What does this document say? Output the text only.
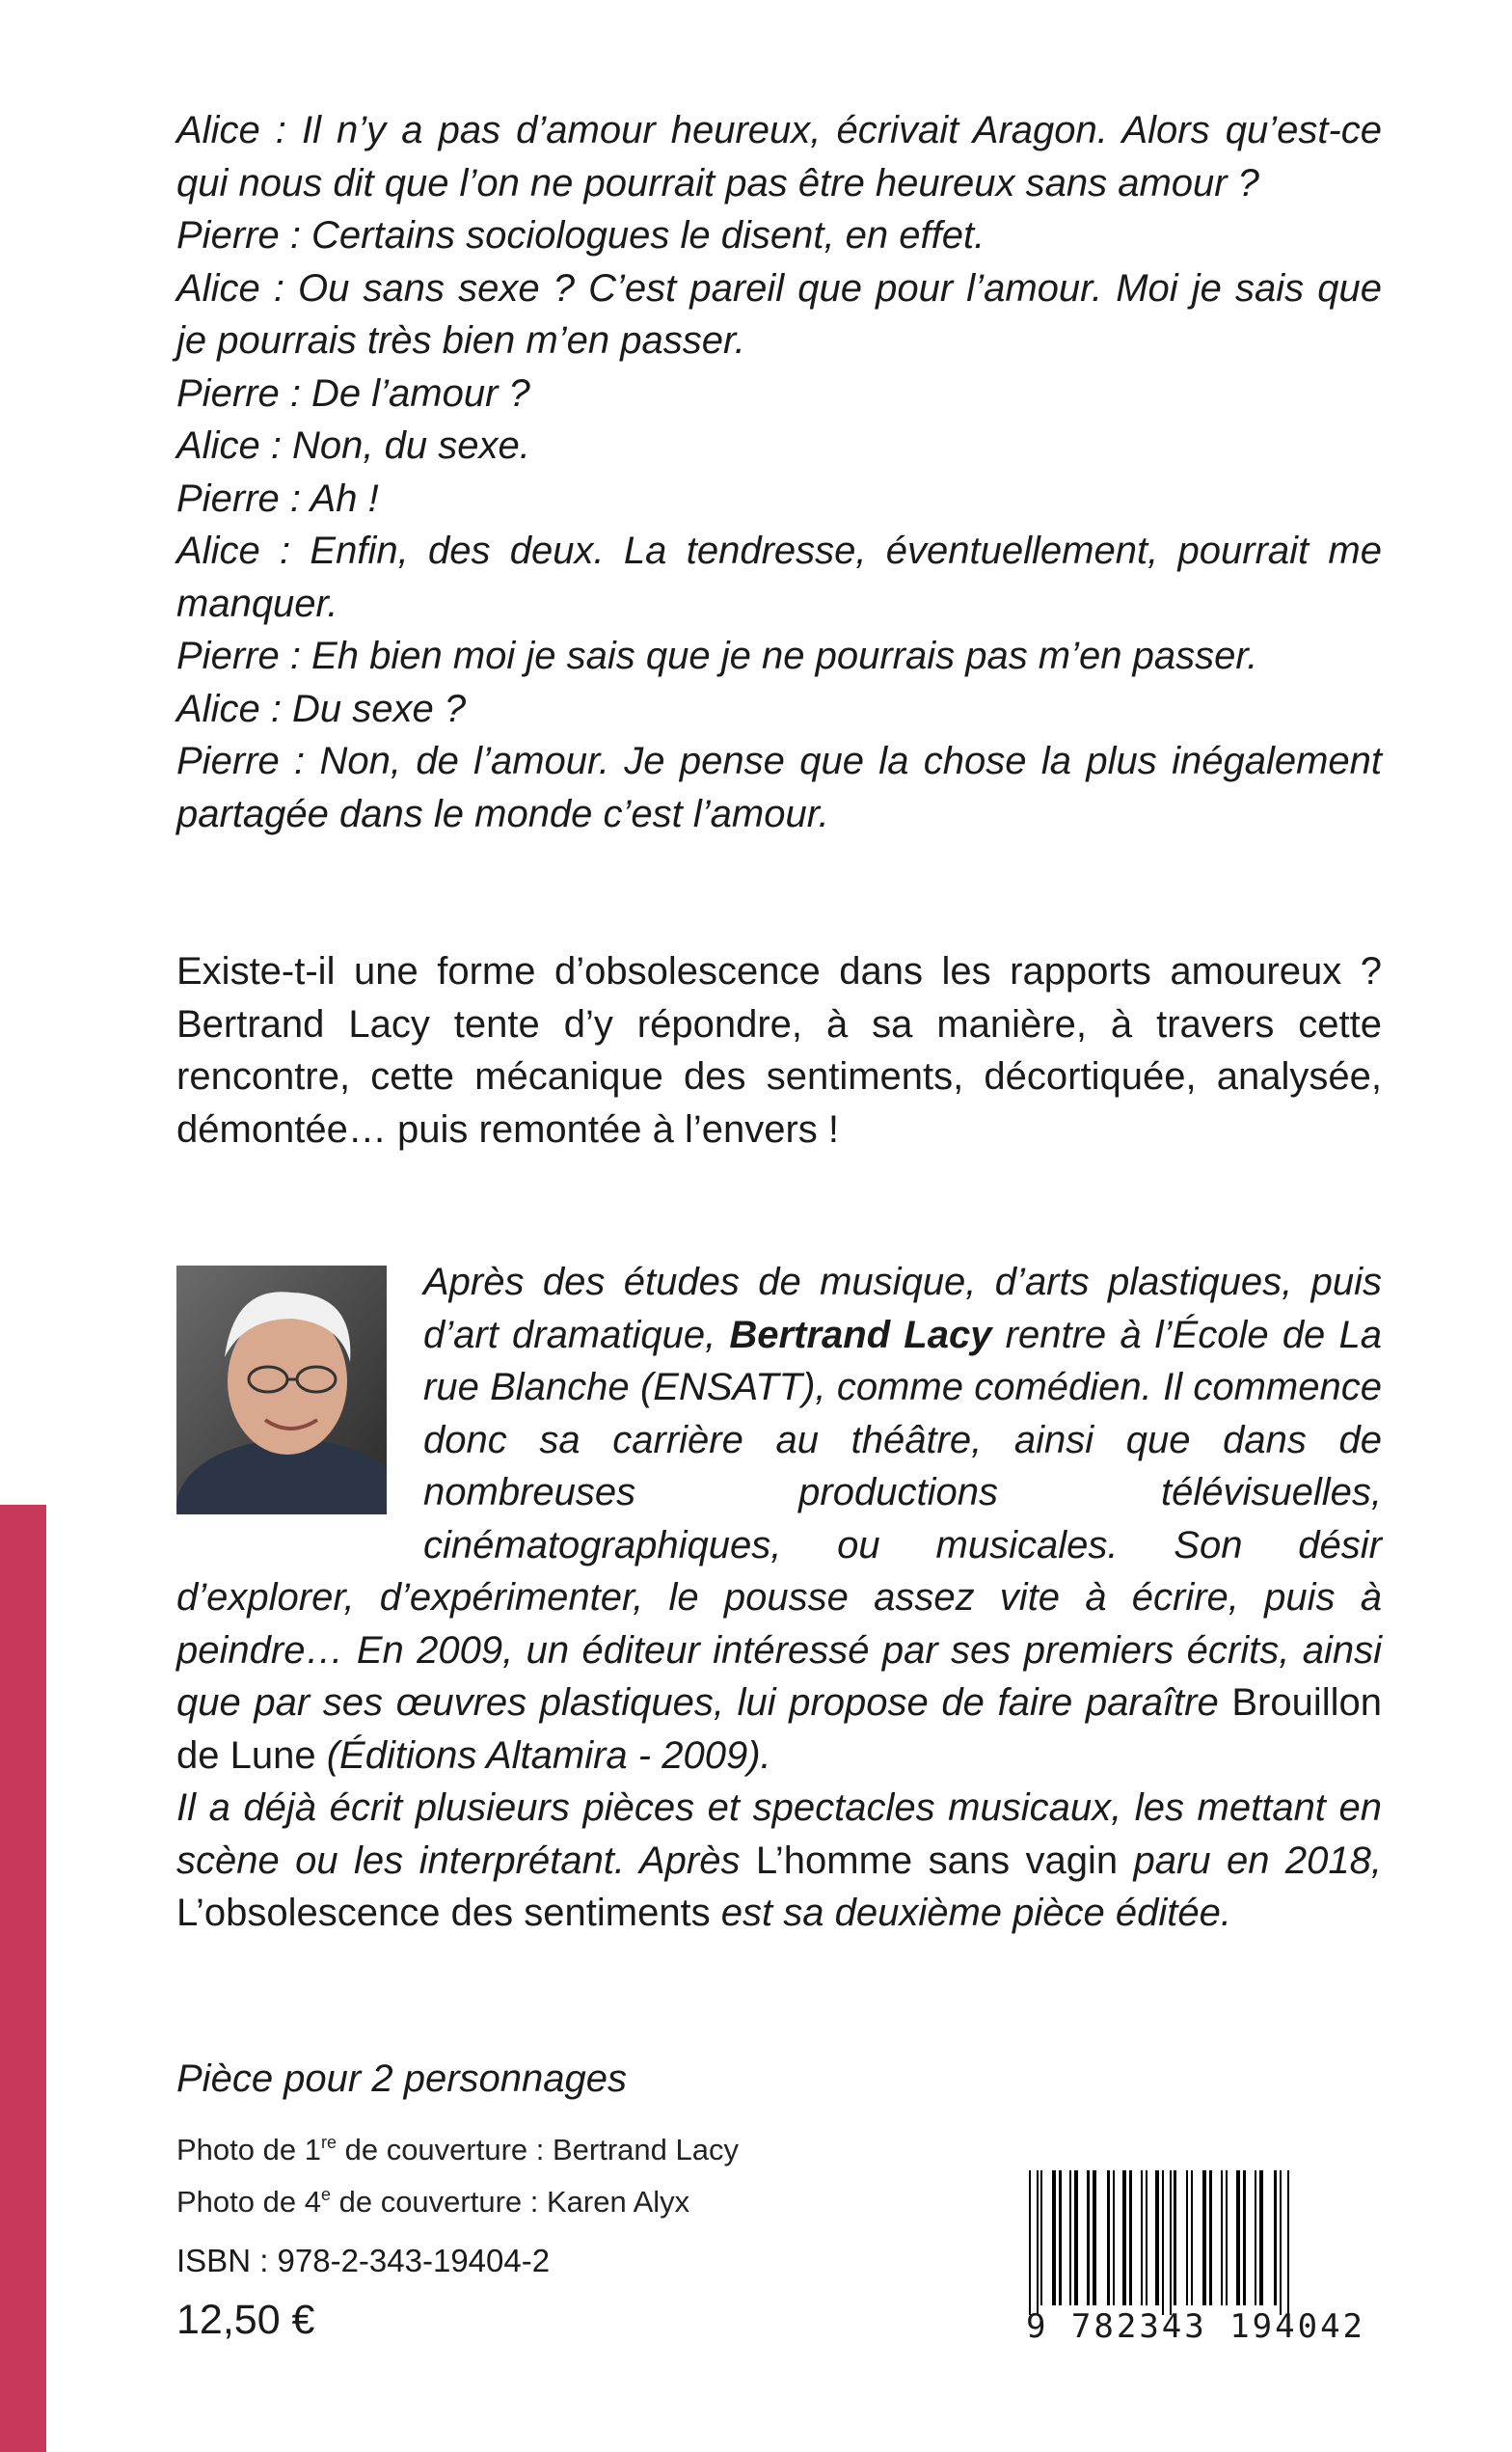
Alice : Il n’y a pas d’amour heureux, écrivait Aragon. Alors qu’est-ce qui nous dit que l’on ne pourrait pas être heureux sans amour ?

Pierre : Certains sociologues le disent, en effet.

Alice : Ou sans sexe ? C’est pareil que pour l’amour. Moi je sais que je pourrais très bien m’en passer.

Pierre : De l’amour ?

Alice : Non, du sexe.

Pierre : Ah !

Alice : Enfin, des deux. La tendresse, éventuellement, pourrait me manquer.

Pierre : Eh bien moi je sais que je ne pourrais pas m’en passer.

Alice : Du sexe ?

Pierre : Non, de l’amour. Je pense que la chose la plus inégalement partagée dans le monde c’est l’amour.

Existe-t-il une forme d’obsolescence dans les rapports amoureux ? Bertrand Lacy tente d’y répondre, à sa manière, à travers cette rencontre, cette mécanique des sentiments, décortiquée, analysée, démontée… puis remontée à l’envers !

Après des études de musique, d’arts plastiques, puis d’art dramatique, Bertrand Lacy rentre à l’École de La rue Blanche (ENSATT), comme comédien. Il commence donc sa carrière au théâtre, ainsi que dans de nombreuses productions télévisuelles, cinématographiques, ou musicales. Son désir d’explorer, d’expérimenter, le pousse assez vite à écrire, puis à peindre… En 2009, un éditeur intéressé par ses premiers écrits, ainsi que par ses œuvres plastiques, lui propose de faire paraître Brouillon de Lune (Éditions Altamira - 2009).

Il a déjà écrit plusieurs pièces et spectacles musicaux, les mettant en scène ou les interprétant. Après L’homme sans vagin paru en 2018, L’obsolescence des sentiments est sa deuxième pièce éditée.

Pièce pour 2 personnages

Photo de 1re de couverture : Bertrand Lacy
Photo de 4e de couverture : Karen Alyx
ISBN : 978-2-343-19404-2
12,50 €	9 782343 194042
